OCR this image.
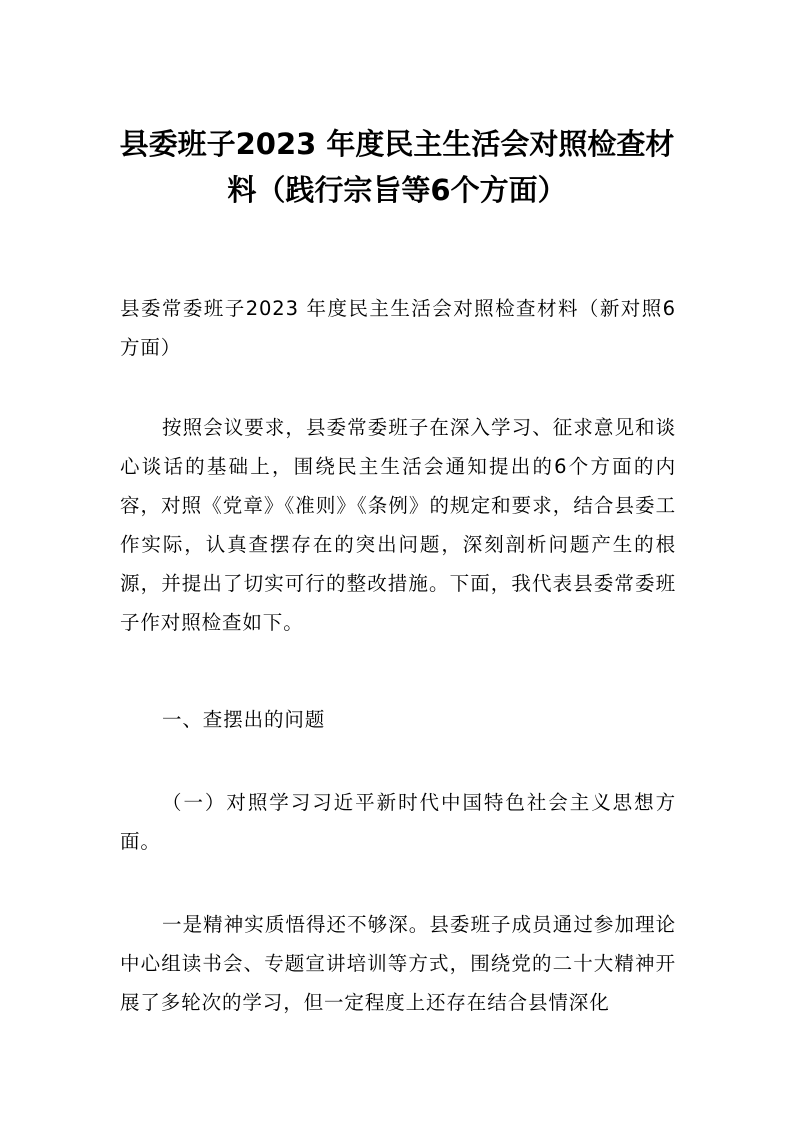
县委班子2023 年度民主生活会对照检查材料（践行宗旨等6个方面）

县委常委班子2023 年度民主生活会对照检查材料（新对照6方面）

按照会议要求，县委常委班子在深入学习、征求意见和谈心谈话的基础上，围绕民主生活会通知提出的6个方面的内容，对照《党章》《准则》《条例》的规定和要求，结合县委工作实际，认真查摆存在的突出问题，深刻剖析问题产生的根源，并提出了切实可行的整改措施。下面，我代表县委常委班子作对照检查如下。

一、查摆出的问题

（一）对照学习习近平新时代中国特色社会主义思想方面。

一是精神实质悟得还不够深。县委班子成员通过参加理论中心组读书会、专题宣讲培训等方式，围绕党的二十大精神开展了多轮次的学习，但一定程度上还存在结合县情深化
